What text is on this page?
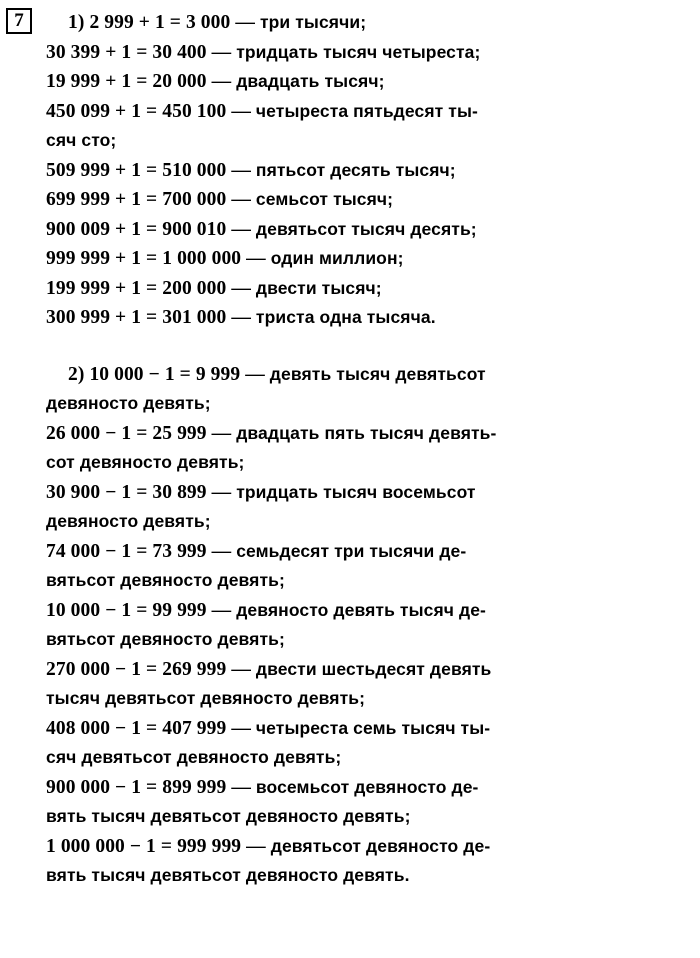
7	1) 2 999 + 1 = 3 000 — три тысячи;
30 399 + 1 = 30 400 — тридцать тысяч четыреста;
19 999 + 1 = 20 000 — двадцать тысяч;
450 099 + 1 = 450 100 — четыреста пятьдесят ты-
сяч сто;
509 999 + 1 = 510 000 — пятьсот десять тысяч;
699 999 + 1 = 700 000 — семьсот тысяч;
900 009 + 1 = 900 010 — девятьсот тысяч десять;
999 999 + 1 = 1 000 000 — один миллион;
199 999 + 1 = 200 000 — двести тысяч;
300 999 + 1 = 301 000 — триста одна тысяча.
2) 10 000 − 1 = 9 999 — девять тысяч девятьсот
девяносто девять;
26 000 − 1 = 25 999 — двадцать пять тысяч девять-
сот девяносто девять;
30 900 − 1 = 30 899 — тридцать тысяч восемьсот
девяносто девять;
74 000 − 1 = 73 999 — семьдесят три тысячи де-
вятьсот девяносто девять;
10 000 − 1 = 99 999 — девяносто девять тысяч де-
вятьсот девяносто девять;
270 000 − 1 = 269 999 — двести шестьдесят девять
тысяч девятьсот девяносто девять;
408 000 − 1 = 407 999 — четыреста семь тысяч ты-
сяч девятьсот девяносто девять;
900 000 − 1 = 899 999 — восемьсот девяносто де-
вять тысяч девятьсот девяносто девять;
1 000 000 − 1 = 999 999 — девятьсот девяносто де-
вять тысяч девятьсот девяносто девять.
